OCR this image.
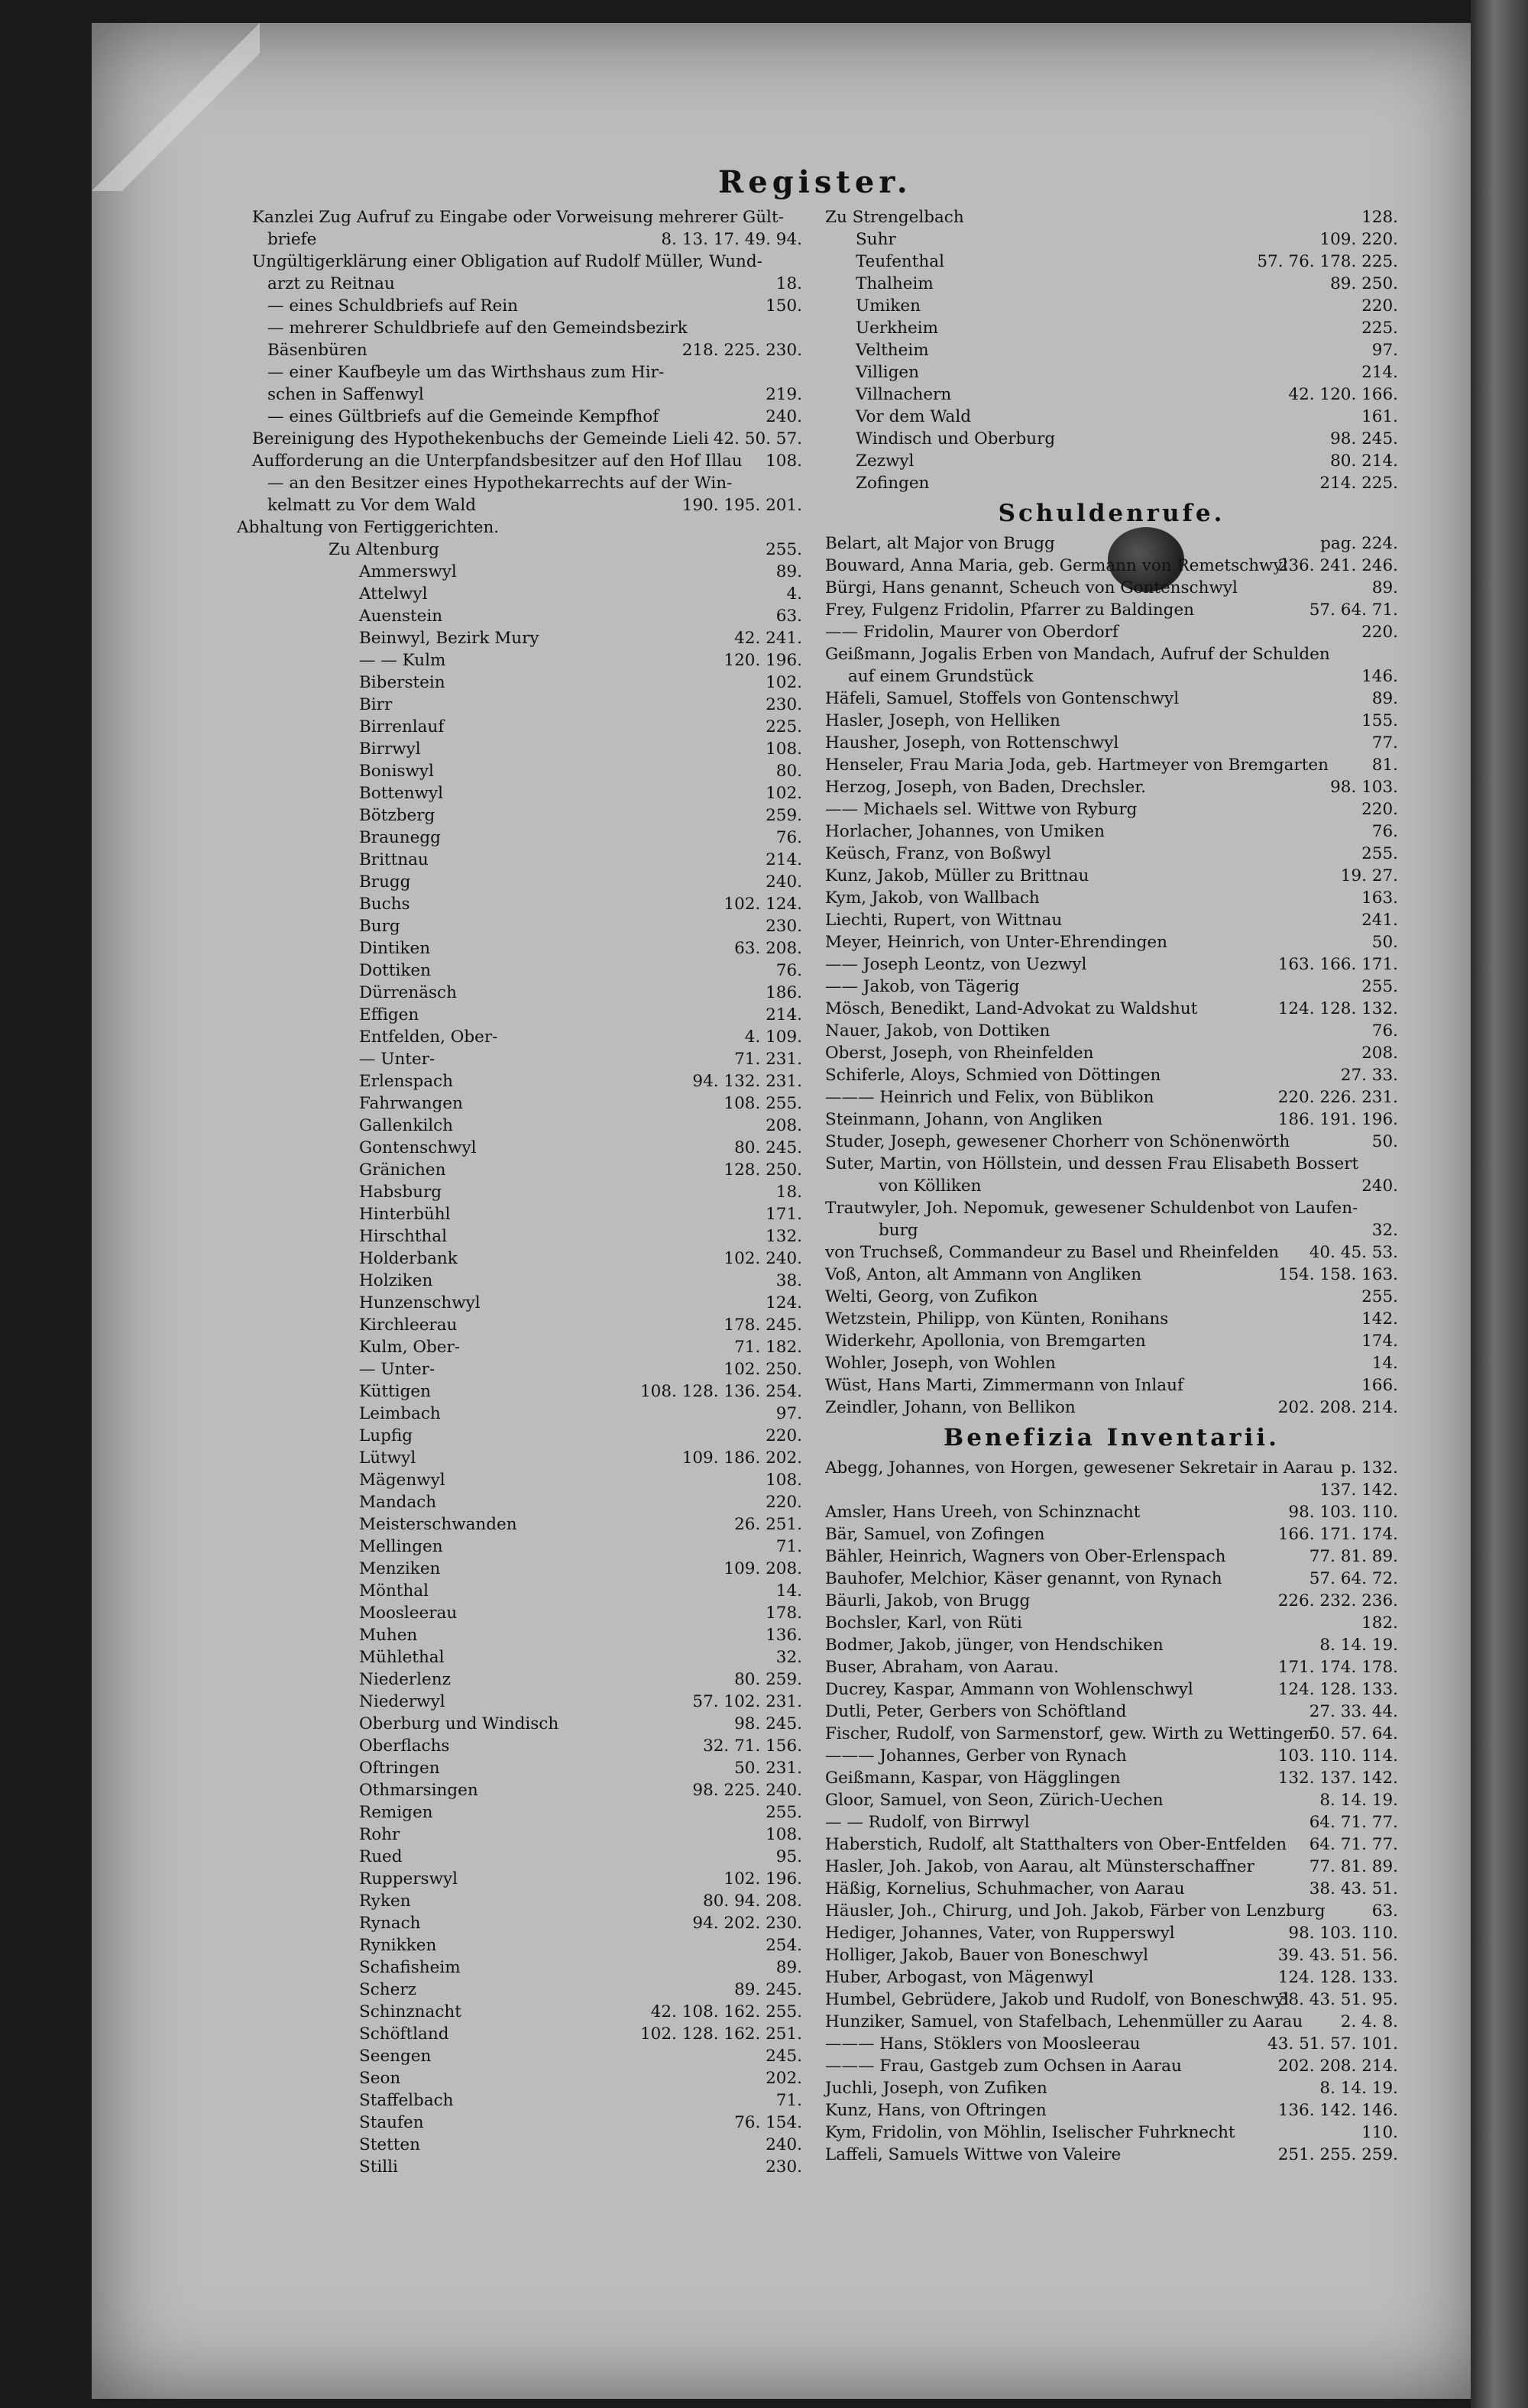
Register.
Kanzlei Zug Aufruf zu Eingabe oder Vorweisung mehrerer Gült-
briefe	8. 13. 17. 49. 94.
Ungültigerklärung einer Obligation auf Rudolf Müller, Wund-
arzt zu Reitnau	18.
— eines Schuldbriefs auf Rein	150.
— mehrerer Schuldbriefe auf den Gemeindsbezirk
Bäsenbüren	218. 225. 230.
— einer Kaufbeyle um das Wirthshaus zum Hir-
schen in Saffenwyl	219.
— eines Gültbriefs auf die Gemeinde Kempfhof	240.
Bereinigung des Hypothekenbuchs der Gemeinde Lieli 42. 50. 57.
Aufforderung an die Unterpfandsbesitzer auf den Hof Illau 108.
— an den Besitzer eines Hypothekarrechts auf der Win-
kelmatt zu Vor dem Wald	190. 195. 201.
Abhaltung von Fertiggerichten.
Zu Altenburg	255.
Ammerswyl	89.
Attelwyl	4.
Auenstein	63.
Beinwyl, Bezirk Mury	42. 241.
— — Kulm	120. 196.
Biberstein	102.
Birr	230.
Birrenlauf	225.
Birrwyl	108.
Boniswyl	80.
Bottenwyl	102.
Bötzberg	259.
Braunegg	76.
Brittnau	214.
Brugg	240.
Buchs	102. 124.
Burg	230.
Dintiken	63. 208.
Dottiken	76.
Dürrenäsch	186.
Effigen	214.
Entfelden, Ober-	4. 109.
— Unter-	71. 231.
Erlenspach	94. 132. 231.
Fahrwangen	108. 255.
Gallenkilch	208.
Gontenschwyl	80. 245.
Gränichen	128. 250.
Habsburg	18.
Hinterbühl	171.
Hirschthal	132.
Holderbank	102. 240.
Holziken	38.
Hunzenschwyl	124.
Kirchleerau	178. 245.
Kulm, Ober-	71. 182.
— Unter-	102. 250.
Küttigen	108. 128. 136. 254.
Leimbach	97.
Lupfig	220.
Lütwyl	109. 186. 202.
Mägenwyl	108.
Mandach	220.
Meisterschwanden	26. 251.
Mellingen	71.
Menziken	109. 208.
Mönthal	14.
Moosleerau	178.
Muhen	136.
Mühlethal	32.
Niederlenz	80. 259.
Niederwyl	57. 102. 231.
Oberburg und Windisch	98. 245.
Oberflachs	32. 71. 156.
Oftringen	50. 231.
Othmarsingen	98. 225. 240.
Remigen	255.
Rohr	108.
Rued	95.
Rupperswyl	102. 196.
Ryken	80. 94. 208.
Rynach	94. 202. 230.
Rynikken	254.
Schafisheim	89.
Scherz	89. 245.
Schinznacht	42. 108. 162. 255.
Schöftland	102. 128. 162. 251.
Seengen	245.
Seon	202.
Staffelbach	71.
Staufen	76. 154.
Stetten	240.
Stilli	230.
Zu Strengelbach	128.
Suhr	109. 220.
Teufenthal	57. 76. 178. 225.
Thalheim	89. 250.
Umiken	220.
Uerkheim	225.
Veltheim	97.
Villigen	214.
Villnachern	42. 120. 166.
Vor dem Wald	161.
Windisch und Oberburg	98. 245.
Zezwyl	80. 214.
Zofingen	214. 225.
Schuldenrufe.
Belart, alt Major von Brugg	pag. 224.
Bouward, Anna Maria, geb. Germann von Remetschwyl
236. 241. 246.
Bürgi, Hans genannt, Scheuch von Gontenschwyl	89.
Frey, Fulgenz Fridolin, Pfarrer zu Baldingen	57. 64. 71.
—— Fridolin, Maurer von Oberdorf	220.
Geißmann, Jogalis Erben von Mandach, Aufruf der Schulden
auf einem Grundstück	146.
Häfeli, Samuel, Stoffels von Gontenschwyl	89.
Hasler, Joseph, von Helliken	155.
Hausher, Joseph, von Rottenschwyl	77.
Henseler, Frau Maria Joda, geb. Hartmeyer von Bremgarten	81.
Herzog, Joseph, von Baden, Drechsler.	98. 103.
—— Michaels sel. Wittwe von Ryburg	220.
Horlacher, Johannes, von Umiken	76.
Keüsch, Franz, von Boßwyl	255.
Kunz, Jakob, Müller zu Brittnau	19. 27.
Kym, Jakob, von Wallbach	163.
Liechti, Rupert, von Wittnau	241.
Meyer, Heinrich, von Unter-Ehrendingen	50.
—— Joseph Leontz, von Uezwyl	163. 166. 171.
—— Jakob, von Tägerig	255.
Mösch, Benedikt, Land-Advokat zu Waldshut	124. 128. 132.
Nauer, Jakob, von Dottiken	76.
Oberst, Joseph, von Rheinfelden	208.
Schiferle, Aloys, Schmied von Döttingen	27. 33.
——— Heinrich und Felix, von Büblikon	220. 226. 231.
Steinmann, Johann, von Angliken	186. 191. 196.
Studer, Joseph, gewesener Chorherr von Schönenwörth	50.
Suter, Martin, von Höllstein, und dessen Frau Elisabeth Bossert
von Kölliken	240.
Trautwyler, Joh. Nepomuk, gewesener Schuldenbot von Laufen-
burg	32.
von Truchseß, Commandeur zu Basel und Rheinfelden 40. 45. 53.
Voß, Anton, alt Ammann von Angliken	154. 158. 163.
Welti, Georg, von Zufikon	255.
Wetzstein, Philipp, von Künten, Ronihans	142.
Widerkehr, Apollonia, von Bremgarten	174.
Wohler, Joseph, von Wohlen	14.
Wüst, Hans Marti, Zimmermann von Inlauf	166.
Zeindler, Johann, von Bellikon	202. 208. 214.
Benefizia Inventarii.
Abegg, Johannes, von Horgen, gewesener Sekretair in Aarau p. 132.
137. 142.
Amsler, Hans Ureeh, von Schinznacht	98. 103. 110.
Bär, Samuel, von Zofingen	166. 171. 174.
Bähler, Heinrich, Wagners von Ober-Erlenspach	77. 81. 89.
Bauhofer, Melchior, Käser genannt, von Rynach	57. 64. 72.
Bäurli, Jakob, von Brugg	226. 232. 236.
Bochsler, Karl, von Rüti	182.
Bodmer, Jakob, jünger, von Hendschiken	8. 14. 19.
Buser, Abraham, von Aarau.	171. 174. 178.
Ducrey, Kaspar, Ammann von Wohlenschwyl	124. 128. 133.
Dutli, Peter, Gerbers von Schöftland	27. 33. 44.
Fischer, Rudolf, von Sarmenstorf, gew. Wirth zu Wettingen
50. 57. 64.
——— Johannes, Gerber von Rynach	103. 110. 114.
Geißmann, Kaspar, von Hägglingen	132. 137. 142.
Gloor, Samuel, von Seon, Zürich-Uechen	8. 14. 19.
— — Rudolf, von Birrwyl	64. 71. 77.
Haberstich, Rudolf, alt Statthalters von Ober-Entfelden 64. 71. 77.
Hasler, Joh. Jakob, von Aarau, alt Münsterschaffner	77. 81. 89.
Häßig, Kornelius, Schuhmacher, von Aarau	38. 43. 51.
Häusler, Joh., Chirurg, und Joh. Jakob, Färber von Lenzburg	63.
Hediger, Johannes, Vater, von Rupperswyl	98. 103. 110.
Holliger, Jakob, Bauer von Boneschwyl	39. 43. 51. 56.
Huber, Arbogast, von Mägenwyl	124. 128. 133.
Humbel, Gebrüdere, Jakob und Rudolf, von Boneschwyl
38. 43. 51. 95.
Hunziker, Samuel, von Stafelbach, Lehenmüller zu Aarau 2. 4. 8.
——— Hans, Stöklers von Moosleerau	43. 51. 57. 101.
——— Frau, Gastgeb zum Ochsen in Aarau	202. 208. 214.
Juchli, Joseph, von Zufiken	8. 14. 19.
Kunz, Hans, von Oftringen	136. 142. 146.
Kym, Fridolin, von Möhlin, Iselischer Fuhrknecht	110.
Laffeli, Samuels Wittwe von Valeire	251. 255. 259.
